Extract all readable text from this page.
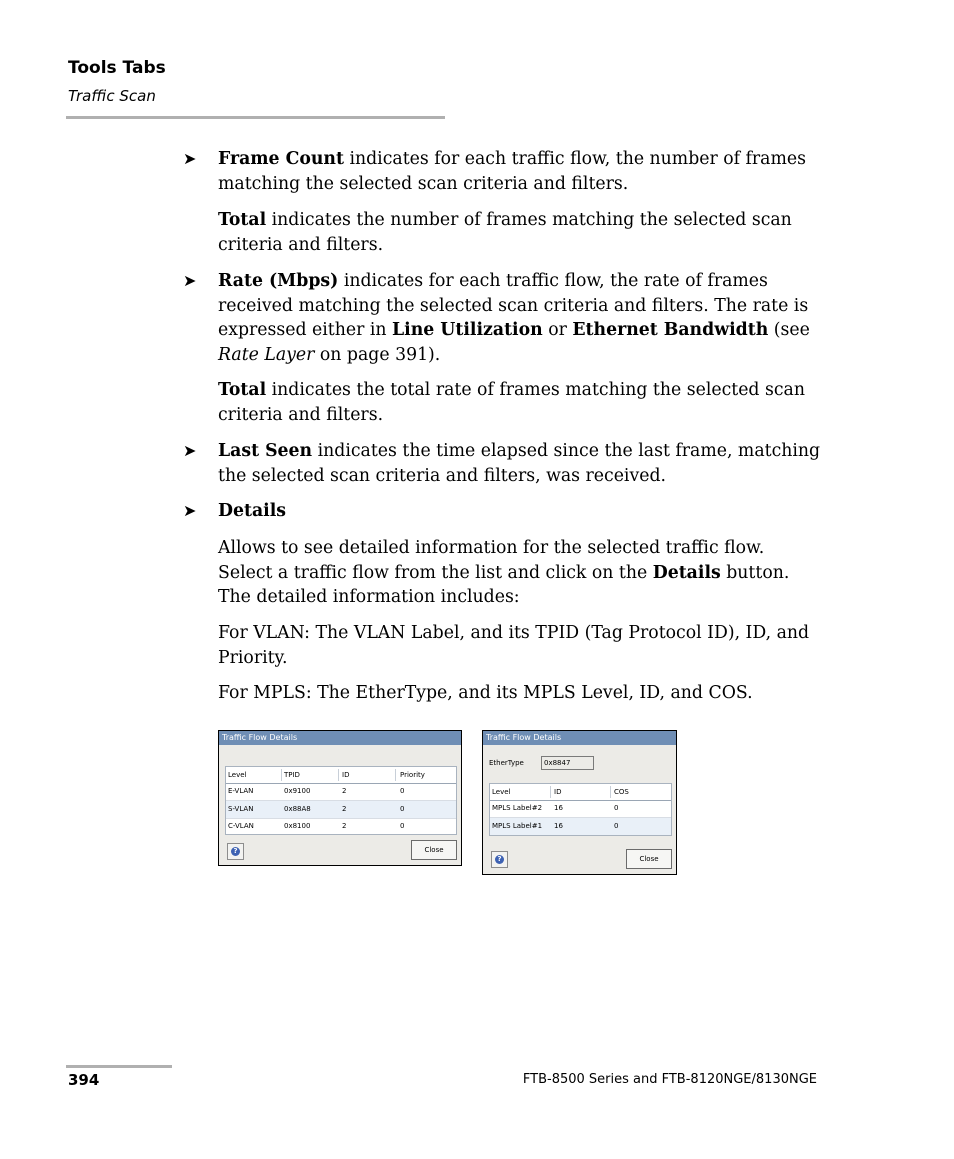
Tools Tabs
Traffic Scan
➤ Frame Count indicates for each traffic flow, the number of frames matching the selected scan criteria and filters.
Total indicates the number of frames matching the selected scan criteria and filters.
➤ Rate (Mbps) indicates for each traffic flow, the rate of frames received matching the selected scan criteria and filters. The rate is expressed either in Line Utilization or Ethernet Bandwidth (see Rate Layer on page 391).
Total indicates the total rate of frames matching the selected scan criteria and filters.
➤ Last Seen indicates the time elapsed since the last frame, matching the selected scan criteria and filters, was received.
➤ Details
Allows to see detailed information for the selected traffic flow. Select a traffic flow from the list and click on the Details button. The detailed information includes:
For VLAN: The VLAN Label, and its TPID (Tag Protocol ID), ID, and Priority.
For MPLS: The EtherType, and its MPLS Level, ID, and COS.
Traffic Flow Details
Level	TPID	ID	Priority
E-VLAN	0x9100	2	0
S-VLAN	0x88A8	2	0
C-VLAN	0x8100	2	0
?	Close
Traffic Flow Details
EtherType	0x8847
Level	ID	COS
MPLS Label#2 16	0
MPLS Label#1 16	0
?	Close
394	FTB-8500 Series and FTB-8120NGE/8130NGE
